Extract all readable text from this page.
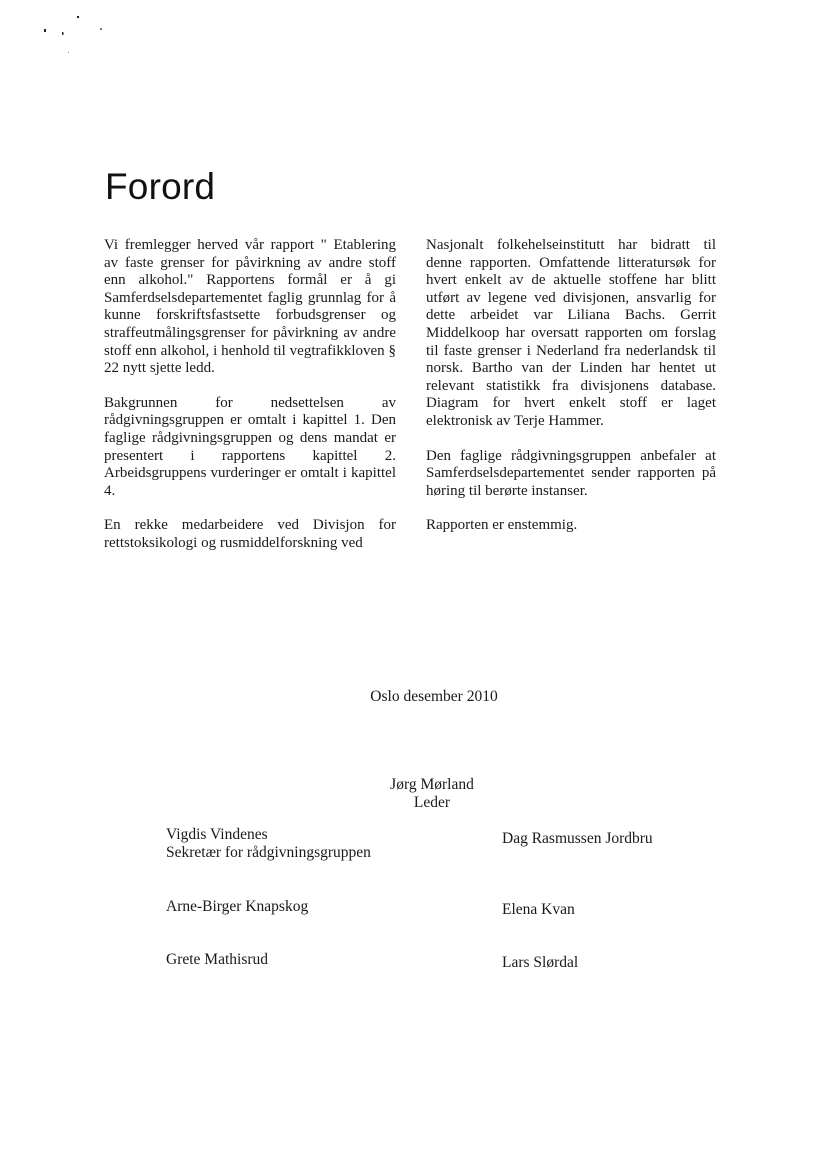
Forord

Vi fremlegger herved vår rapport " Etablering av faste grenser for påvirkning av andre stoff enn alkohol." Rapportens formål er å gi Samferdselsdepartementet faglig grunnlag for å kunne forskriftsfastsette forbudsgrenser og straffeutmålingsgrenser for påvirkning av andre stoff enn alkohol, i henhold til vegtrafikkloven § 22 nytt sjette ledd.

Bakgrunnen for nedsettelsen av rådgivningsgruppen er omtalt i kapittel 1. Den faglige rådgivningsgruppen og dens mandat er presentert i rapportens kapittel 2. Arbeidsgruppens vurderinger er omtalt i kapittel 4.

En rekke medarbeidere ved Divisjon for rettstoksikologi og rusmiddelforskning ved

Nasjonalt folkehelseinstitutt har bidratt til denne rapporten. Omfattende litteratursøk for hvert enkelt av de aktuelle stoffene har blitt utført av legene ved divisjonen, ansvarlig for dette arbeidet var Liliana Bachs. Gerrit Middelkoop har oversatt rapporten om forslag til faste grenser i Nederland fra nederlandsk til norsk. Bartho van der Linden har hentet ut relevant statistikk fra divisjonens database. Diagram for hvert enkelt stoff er laget elektronisk av Terje Hammer.

Den faglige rådgivningsgruppen anbefaler at Samferdselsdepartementet sender rapporten på høring til berørte instanser.

Rapporten er enstemmig.

Oslo desember 2010
Jørg Mørland
Leder
Vigdis Vindenes
Sekretær for rådgivningsgruppen
Dag Rasmussen Jordbru
Arne-Birger Knapskog	Elena Kvan
Grete Mathisrud	Lars Slørdal
